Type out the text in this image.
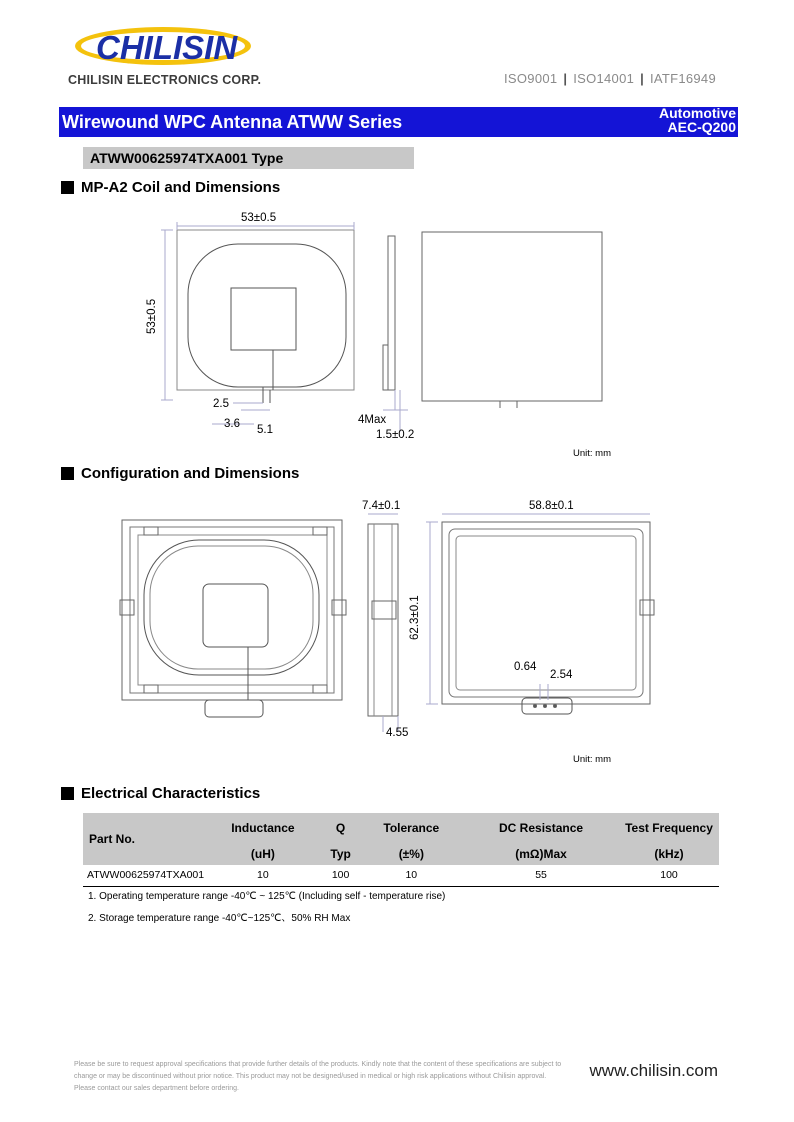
CHILISIN
CHILISIN ELECTRONICS CORP.	ISO9001 | ISO14001 | IATF16949
Wirewound WPC Antenna ATWW Series	Automotive
AEC-Q200
ATWW00625974TXA001 Type
MP-A2 Coil and Dimensions
53±0.5
53±0.5
2.5
3.6 5.1
4Max
1.5±0.2
Unit: mm
Configuration and Dimensions
7.4±0.1	58.8±0.1
62.3±0.1
0.64
2.54
4.55
Unit: mm
Electrical Characteristics
Part No.	Inductance	Q	Tolerance	DC Resistance	Test Frequency
	(uH)	Typ	(±%)	(mΩ)Max	(kHz)
ATWW00625974TXA001	10	100	10	55	100
1. Operating temperature range -40℃ ~ 125℃ (Including self - temperature rise)
2. Storage temperature range -40℃~125℃、50% RH Max
Please be sure to request approval specifications that provide further details of the products. Kindly note that the content of these specifications are subject to change or may be discontinued without prior notice. This product may not be designed/used in medical or high risk applications without Chilisin approval. Please contact our sales department before ordering.
www.chilisin.com
